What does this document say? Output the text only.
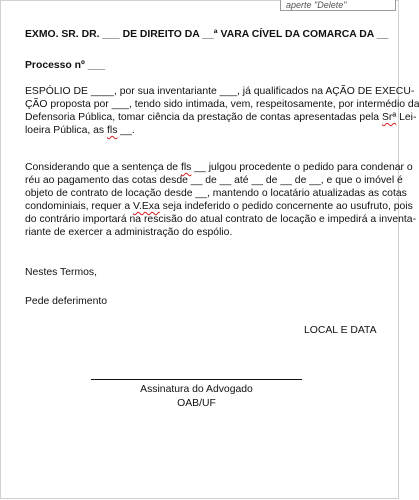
aperte "Delete"
EXMO. SR. DR. ___ DE DIREITO DA __ª VARA CÍVEL DA COMARCA DA __
Processo nº ___
ESPÓLIO DE ____, por sua inventariante ___, já qualificados na AÇÃO DE EXECU-
ÇÃO proposta por ___, tendo sido intimada, vem, respeitosamente, por intermédio da
Defensoria Pública, tomar ciência da prestação de contas apresentadas pela Srª Lei-
loeira Pública, as fls __.
Considerando que a sentença de fls __ julgou procedente o pedido para condenar o
réu ao pagamento das cotas desde __ de __ até __ de __ de __, e que o imóvel é
objeto de contrato de locação desde __, mantendo o locatário atualizadas as cotas
condominiais, requer a V.Exa seja indeferido o pedido concernente ao usufruto, pois
do contrário importará na rescisão do atual contrato de locação e impedirá a inventa-
riante de exercer a administração do espólio.
Nestes Termos,
Pede deferimento
LOCAL E DATA
Assinatura do Advogado
OAB/UF
